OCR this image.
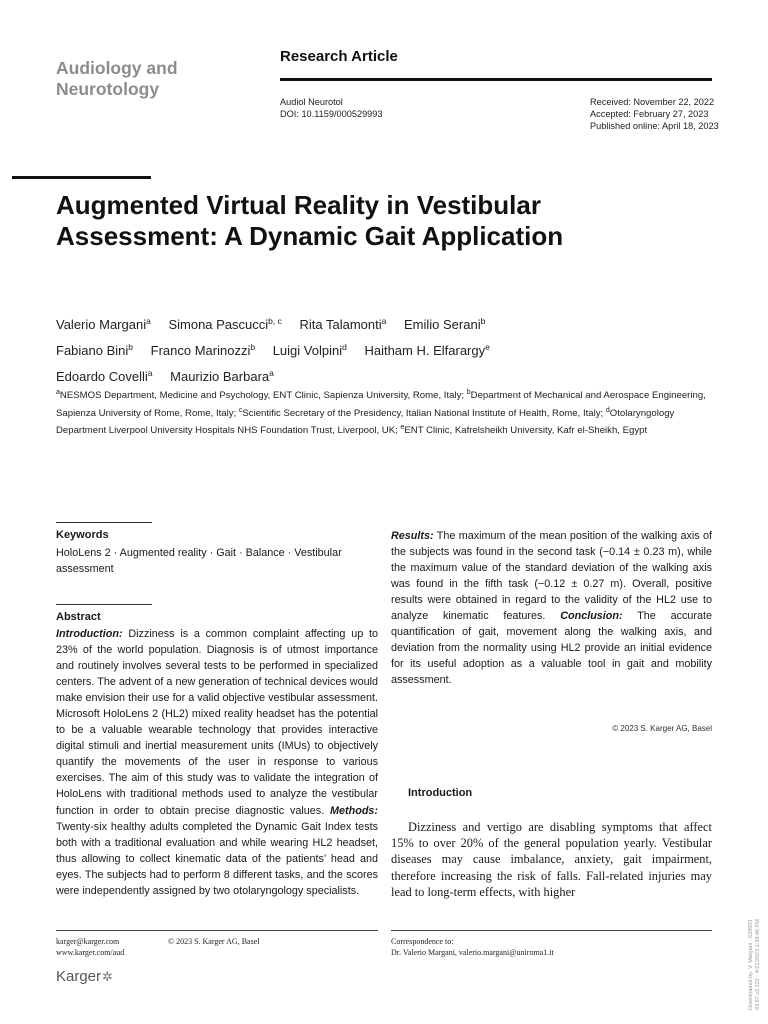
Audiology and Neurotology
Research Article
Audiol Neurotol
DOI: 10.1159/000529993
Received: November 22, 2022
Accepted: February 27, 2023
Published online: April 18, 2023
Augmented Virtual Reality in Vestibular Assessment: A Dynamic Gait Application
Valerio Margani$^a$ Simona Pascucci$^{b, c}$ Rita Talamonti$^a$ Emilio Serani$^b$
Fabiano Bini$^b$ Franco Marinozzi$^b$ Luigi Volpini$^d$ Haitham H. Elfarargy$^e$
Edoardo Covelli$^a$ Maurizio Barbara$^a$
$^a$NESMOS Department, Medicine and Psychology, ENT Clinic, Sapienza University, Rome, Italy; $^b$Department of Mechanical and Aerospace Engineering, Sapienza University of Rome, Rome, Italy; $^c$Scientific Secretary of the Presidency, Italian National Institute of Health, Rome, Italy; $^d$Otolaryngology Department Liverpool University Hospitals NHS Foundation Trust, Liverpool, UK; $^e$ENT Clinic, Kafrelsheikh University, Kafr el-Sheikh, Egypt
Keywords
HoloLens 2 · Augmented reality · Gait · Balance · Vestibular assessment
Abstract
Introduction: Dizziness is a common complaint affecting up to 23% of the world population. Diagnosis is of utmost importance and routinely involves several tests to be performed in specialized centers. The advent of a new generation of technical devices would make envision their use for a valid objective vestibular assessment. Microsoft HoloLens 2 (HL2) mixed reality headset has the potential to be a valuable wearable technology that provides interactive digital stimuli and inertial measurement units (IMUs) to objectively quantify the movements of the user in response to various exercises. The aim of this study was to validate the integration of HoloLens with traditional methods used to analyze the vestibular function in order to obtain precise diagnostic values. Methods: Twenty-six healthy adults completed the Dynamic Gait Index tests both with a traditional evaluation and while wearing HL2 headset, thus allowing to collect kinematic data of the patients’ head and eyes. The subjects had to perform 8 different tasks, and the scores were independently assigned by two otolaryngology specialists.
Results: The maximum of the mean position of the walking axis of the subjects was found in the second task (−0.14 ± 0.23 m), while the maximum value of the standard deviation of the walking axis was found in the fifth task (−0.12 ± 0.27 m). Overall, positive results were obtained in regard to the validity of the HL2 use to analyze kinematic features. Conclusion: The accurate quantification of gait, movement along the walking axis, and deviation from the normality using HL2 provide an initial evidence for its useful adoption as a valuable tool in gait and mobility assessment.
© 2023 S. Karger AG, Basel
Introduction
Dizziness and vertigo are disabling symptoms that affect 15% to over 20% of the general population yearly. Vestibular diseases may cause imbalance, anxiety, gait impairment, therefore increasing the risk of falls. Fall-related injuries may lead to long-term effects, with higher
karger@karger.com
www.karger.com/aud
© 2023 S. Karger AG, Basel	Correspondence to:
Dr. Valerio Margani, valerio.margani@uniroma1.it
Karger✲	Downloaded by: V. Margani - 638993 93.67.x2.122 - 4/21/2023 1:38:46 PM
